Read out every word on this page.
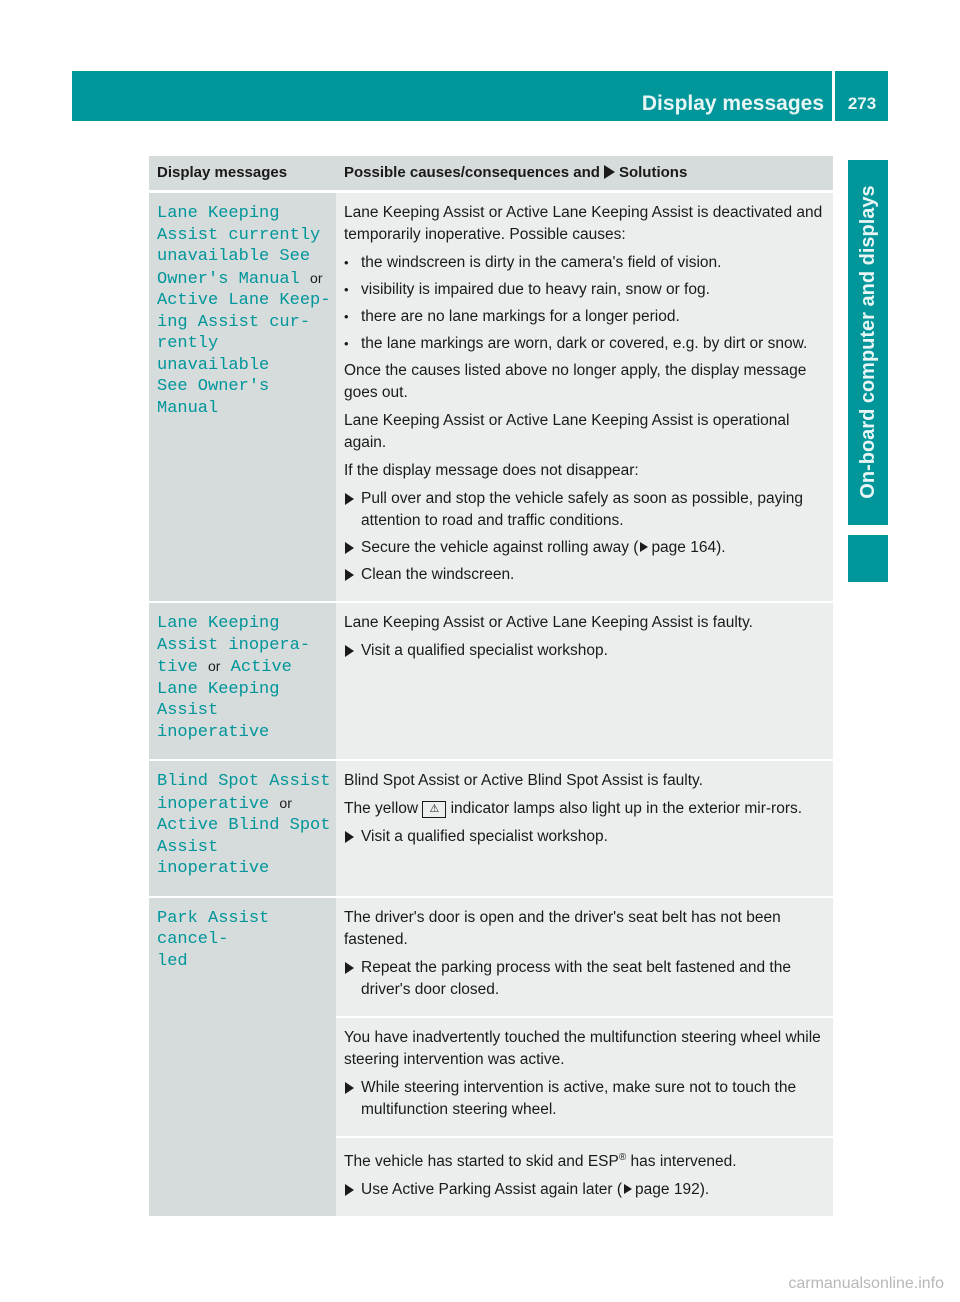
Display messages	273
On-board computer and displays
Display messages	Possible causes/consequences and Solutions
Lane Keeping
Assist currently
unavailable See
Owner's Manual or
Active Lane Keep‐
ing Assist cur‐
rently unavailable
See Owner's Manual

Lane Keeping Assist or Active Lane Keeping Assist is deactivated and temporarily inoperative. Possible causes:

• the windscreen is dirty in the camera's field of vision.
• visibility is impaired due to heavy rain, snow or fog.
• there are no lane markings for a longer period.
• the lane markings are worn, dark or covered, e.g. by dirt or snow.

Once the causes listed above no longer apply, the display message goes out.

Lane Keeping Assist or Active Lane Keeping Assist is operational again.

If the display message does not disappear:

Pull over and stop the vehicle safely as soon as possible, paying attention to road and traffic conditions.
Secure the vehicle against rolling away ( page 164).
Clean the windscreen.
Lane Keeping
Assist inopera‐
tive or Active
Lane Keeping
Assist inoperative

Lane Keeping Assist or Active Lane Keeping Assist is faulty.

Visit a qualified specialist workshop.
Blind Spot Assist
inoperative or
Active Blind Spot
Assist inoperative

Blind Spot Assist or Active Blind Spot Assist is faulty.

The yellow ⚠ indicator lamps also light up in the exterior mir-rors.

Visit a qualified specialist workshop.
Park Assist cancel‐
led

The driver's door is open and the driver's seat belt has not been fastened.

Repeat the parking process with the seat belt fastened and the driver's door closed.

You have inadvertently touched the multifunction steering wheel while steering intervention was active.

While steering intervention is active, make sure not to touch the multifunction steering wheel.

The vehicle has started to skid and ESP® has intervened.

Use Active Parking Assist again later ( page 192).
carmanualsonline.info
